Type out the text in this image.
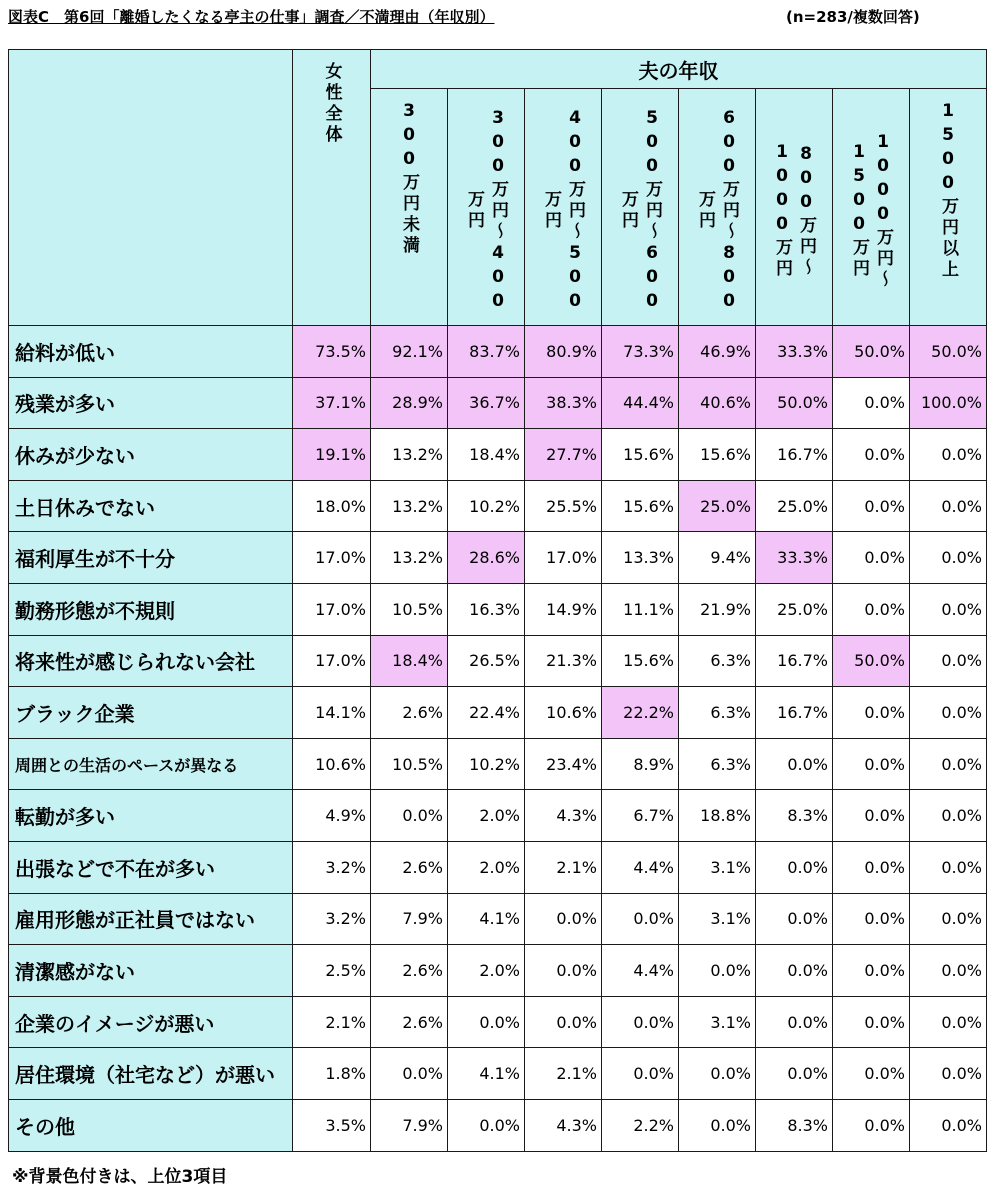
図表C　第6回「離婚したくなる亭主の仕事」調査／不満理由（年収別）	(n=283/複数回答)
	女性全体	夫の年収							
		300万円未満	300万円～400万円	400万円～500万円	500万円～600万円	600万円～800万円	800万円～1000万円	1000万円～1500万円	1500万円以上
給料が低い	73.5%	92.1%	83.7%	80.9%	73.3%	46.9%	33.3%	50.0%	50.0%
残業が多い	37.1%	28.9%	36.7%	38.3%	44.4%	40.6%	50.0%	0.0%	100.0%
休みが少ない	19.1%	13.2%	18.4%	27.7%	15.6%	15.6%	16.7%	0.0%	0.0%
土日休みでない	18.0%	13.2%	10.2%	25.5%	15.6%	25.0%	25.0%	0.0%	0.0%
福利厚生が不十分	17.0%	13.2%	28.6%	17.0%	13.3%	9.4%	33.3%	0.0%	0.0%
勤務形態が不規則	17.0%	10.5%	16.3%	14.9%	11.1%	21.9%	25.0%	0.0%	0.0%
将来性が感じられない会社	17.0%	18.4%	26.5%	21.3%	15.6%	6.3%	16.7%	50.0%	0.0%
ブラック企業	14.1%	2.6%	22.4%	10.6%	22.2%	6.3%	16.7%	0.0%	0.0%
周囲との生活のペースが異なる	10.6%	10.5%	10.2%	23.4%	8.9%	6.3%	0.0%	0.0%	0.0%
転勤が多い	4.9%	0.0%	2.0%	4.3%	6.7%	18.8%	8.3%	0.0%	0.0%
出張などで不在が多い	3.2%	2.6%	2.0%	2.1%	4.4%	3.1%	0.0%	0.0%	0.0%
雇用形態が正社員ではない	3.2%	7.9%	4.1%	0.0%	0.0%	3.1%	0.0%	0.0%	0.0%
清潔感がない	2.5%	2.6%	2.0%	0.0%	4.4%	0.0%	0.0%	0.0%	0.0%
企業のイメージが悪い	2.1%	2.6%	0.0%	0.0%	0.0%	3.1%	0.0%	0.0%	0.0%
居住環境（社宅など）が悪い	1.8%	0.0%	4.1%	2.1%	0.0%	0.0%	0.0%	0.0%	0.0%
その他	3.5%	7.9%	0.0%	4.3%	2.2%	0.0%	8.3%	0.0%	0.0%
※背景色付きは、上位3項目
